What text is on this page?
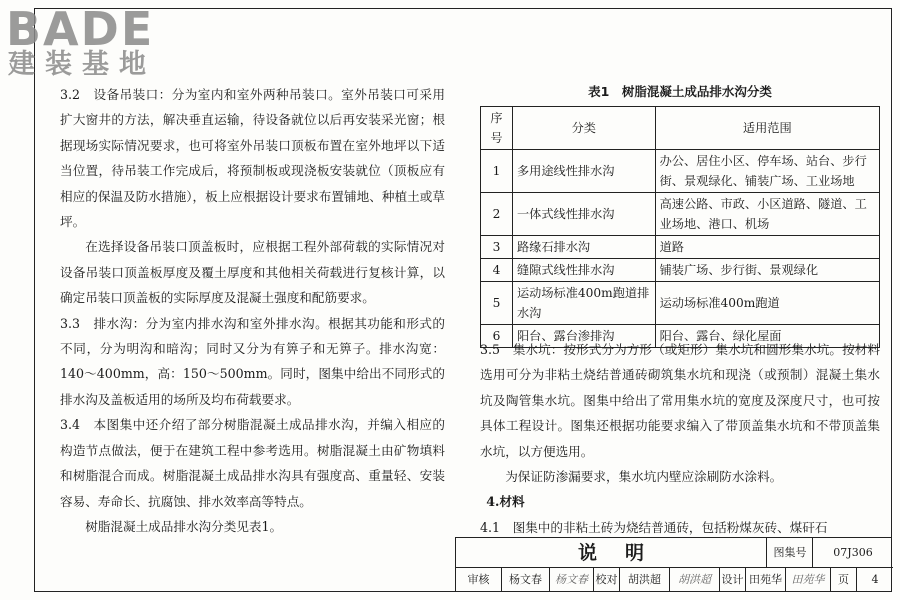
BADE
建装基地

3.2　设备吊装口：分为室内和室外两种吊装口。室外吊装口可采用扩大窗井的方法，解决垂直运输，待设备就位以后再安装采光窗；根据现场实际情况要求，也可将室外吊装口顶板布置在室外地坪以下适当位置，待吊装工作完成后，将预制板或现浇板安装就位（顶板应有相应的保温及防水措施），板上应根据设计要求布置铺地、种植土或草坪。

在选择设备吊装口顶盖板时，应根据工程外部荷载的实际情况对设备吊装口顶盖板厚度及覆土厚度和其他相关荷载进行复核计算，以确定吊装口顶盖板的实际厚度及混凝土强度和配筋要求。

3.3　排水沟：分为室内排水沟和室外排水沟。根据其功能和形式的不同，分为明沟和暗沟；同时又分为有箅子和无箅子。排水沟宽：140～400mm，高：150～500mm。同时，图集中给出不同形式的排水沟及盖板适用的场所及均布荷载要求。

3.4　本图集中还介绍了部分树脂混凝土成品排水沟，并编入相应的构造节点做法，便于在建筑工程中参考选用。树脂混凝土由矿物填料和树脂混合而成。树脂混凝土成品排水沟具有强度高、重量轻、安装容易、寿命长、抗腐蚀、排水效率高等特点。

树脂混凝土成品排水沟分类见表1。

表1　树脂混凝土成品排水沟分类
序号	分类	适用范围
1	多用途线性排水沟	办公、居住小区、停车场、站台、步行街、景观绿化、铺装广场、工业场地
2	一体式线性排水沟	高速公路、市政、小区道路、隧道、工业场地、港口、机场
3	路缘石排水沟	道路
4	缝隙式线性排水沟	铺装广场、步行街、景观绿化
5	运动场标准400m跑道排水沟	运动场标准400m跑道
6	阳台、露台渗排沟	阳台、露台、绿化屋面

3.5　集水坑：按形式分为方形（或矩形）集水坑和圆形集水坑。按材料选用可分为非粘土烧结普通砖砌筑集水坑和现浇（或预制）混凝土集水坑及陶管集水坑。图集中给出了常用集水坑的宽度及深度尺寸，也可按具体工程设计。图集还根据功能要求编入了带顶盖集水坑和不带顶盖集水坑，以方便选用。

为保证防渗漏要求，集水坑内壁应涂刷防水涂料。

4.材料

4.1　图集中的非粘土砖为烧结普通砖，包括粉煤灰砖、煤矸石

说明	图集号	07J306
审核	杨文春	杨文春 校对 胡洪超	胡洪超 设计 田苑华 田苑华	页	4
